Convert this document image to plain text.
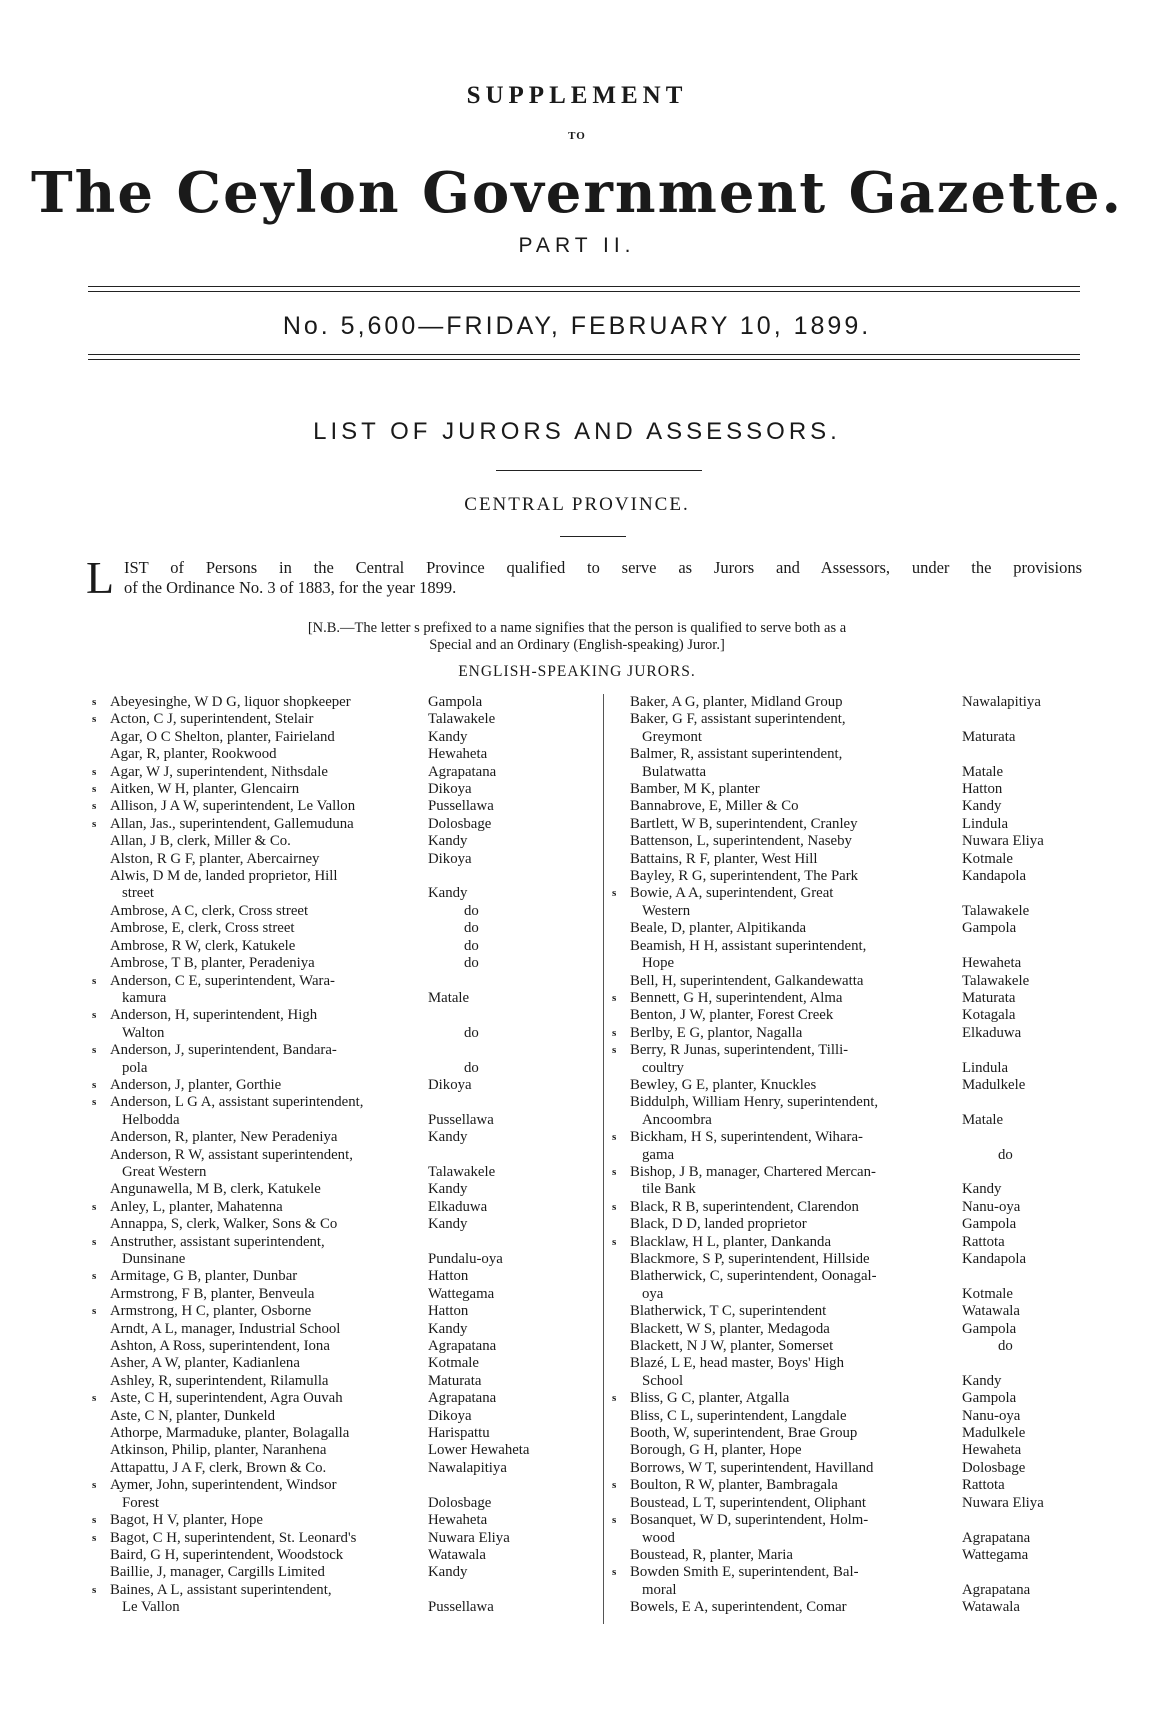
SUPPLEMENT
TO
The Ceylon Government Gazette.
PART II.
No. 5,600—FRIDAY, FEBRUARY 10, 1899.
LIST OF JURORS AND ASSESSORS.
CENTRAL PROVINCE.
L IST of Persons in the Central Province qualified to serve as Jurors and Assessors, under the provisions
of the Ordinance No. 3 of 1883, for the year 1899.
[N.B.—The letter s prefixed to a name signifies that the person is qualified to serve both as a
Special and an Ordinary (English-speaking) Juror.]
ENGLISH-SPEAKING JURORS.
s Abeyesinghe, W D G, liquor shopkeeper	Gampola
s Acton, C J, superintendent, Stelair	Talawakele
Agar, O C Shelton, planter, Fairieland	Kandy
Agar, R, planter, Rookwood	Hewaheta
s Agar, W J, superintendent, Nithsdale	Agrapatana
s Aitken, W H, planter, Glencairn	Dikoya
s Allison, J A W, superintendent, Le Vallon	Pussellawa
s Allan, Jas., superintendent, Gallemuduna	Dolosbage
Allan, J B, clerk, Miller & Co.	Kandy
Alston, R G F, planter, Abercairney	Dikoya
Alwis, D M de, landed proprietor, Hill
street	Kandy
Ambrose, A C, clerk, Cross street	do
Ambrose, E, clerk, Cross street	do
Ambrose, R W, clerk, Katukele	do
Ambrose, T B, planter, Peradeniya	do
s Anderson, C E, superintendent, Wara-
kamura	Matale
s Anderson, H, superintendent, High
Walton	do
s Anderson, J, superintendent, Bandara-
pola	do
s Anderson, J, planter, Gorthie	Dikoya
s Anderson, L G A, assistant superintendent,
Helbodda	Pussellawa
Anderson, R, planter, New Peradeniya	Kandy
Anderson, R W, assistant superintendent,
Great Western	Talawakele
Angunawella, M B, clerk, Katukele	Kandy
s Anley, L, planter, Mahatenna	Elkaduwa
Annappa, S, clerk, Walker, Sons & Co	Kandy
s Anstruther, assistant superintendent,
Dunsinane	Pundalu-oya
s Armitage, G B, planter, Dunbar	Hatton
Armstrong, F B, planter, Benveula	Wattegama
s Armstrong, H C, planter, Osborne	Hatton
Arndt, A L, manager, Industrial School	Kandy
Ashton, A Ross, superintendent, Iona	Agrapatana
Asher, A W, planter, Kadianlena	Kotmale
Ashley, R, superintendent, Rilamulla	Maturata
s Aste, C H, superintendent, Agra Ouvah	Agrapatana
Aste, C N, planter, Dunkeld	Dikoya
Athorpe, Marmaduke, planter, Bolagalla	Harispattu
Atkinson, Philip, planter, Naranhena	Lower Hewaheta
Attapattu, J A F, clerk, Brown & Co.	Nawalapitiya
s Aymer, John, superintendent, Windsor
Forest	Dolosbage
s Bagot, H V, planter, Hope	Hewaheta
s Bagot, C H, superintendent, St. Leonard's	Nuwara Eliya
Baird, G H, superintendent, Woodstock	Watawala
Baillie, J, manager, Cargills Limited	Kandy
s Baines, A L, assistant superintendent,
Le Vallon	Pussellawa
Baker, A G, planter, Midland Group	Nawalapitiya
Baker, G F, assistant superintendent,
Greymont	Maturata
Balmer, R, assistant superintendent,
Bulatwatta	Matale
Bamber, M K, planter	Hatton
Bannabrove, E, Miller & Co	Kandy
Bartlett, W B, superintendent, Cranley	Lindula
Battenson, L, superintendent, Naseby	Nuwara Eliya
Battains, R F, planter, West Hill	Kotmale
Bayley, R G, superintendent, The Park	Kandapola
s Bowie, A A, superintendent, Great
Western	Talawakele
Beale, D, planter, Alpitikanda	Gampola
Beamish, H H, assistant superintendent,
Hope	Hewaheta
Bell, H, superintendent, Galkandewatta	Talawakele
s Bennett, G H, superintendent, Alma	Maturata
Benton, J W, planter, Forest Creek	Kotagala
s Berlby, E G, plantor, Nagalla	Elkaduwa
s Berry, R Junas, superintendent, Tilli-
coultry	Lindula
Bewley, G E, planter, Knuckles	Madulkele
Biddulph, William Henry, superintendent,
Ancoombra	Matale
s Bickham, H S, superintendent, Wihara-
gama	do
s Bishop, J B, manager, Chartered Mercan-
tile Bank	Kandy
s Black, R B, superintendent, Clarendon	Nanu-oya
Black, D D, landed proprietor	Gampola
s Blacklaw, H L, planter, Dankanda	Rattota
Blackmore, S P, superintendent, Hillside	Kandapola
Blatherwick, C, superintendent, Oonagal-
oya	Kotmale
Blatherwick, T C, superintendent	Watawala
Blackett, W S, planter, Medagoda	Gampola
Blackett, N J W, planter, Somerset	do
Blazé, L E, head master, Boys' High
School	Kandy
s Bliss, G C, planter, Atgalla	Gampola
Bliss, C L, superintendent, Langdale	Nanu-oya
Booth, W, superintendent, Brae Group	Madulkele
Borough, G H, planter, Hope	Hewaheta
Borrows, W T, superintendent, Havilland	Dolosbage
s Boulton, R W, planter, Bambragala	Rattota
Boustead, L T, superintendent, Oliphant	Nuwara Eliya
s Bosanquet, W D, superintendent, Holm-
wood	Agrapatana
Boustead, R, planter, Maria	Wattegama
s Bowden Smith E, superintendent, Bal-
moral	Agrapatana
Bowels, E A, superintendent, Comar	Watawala
